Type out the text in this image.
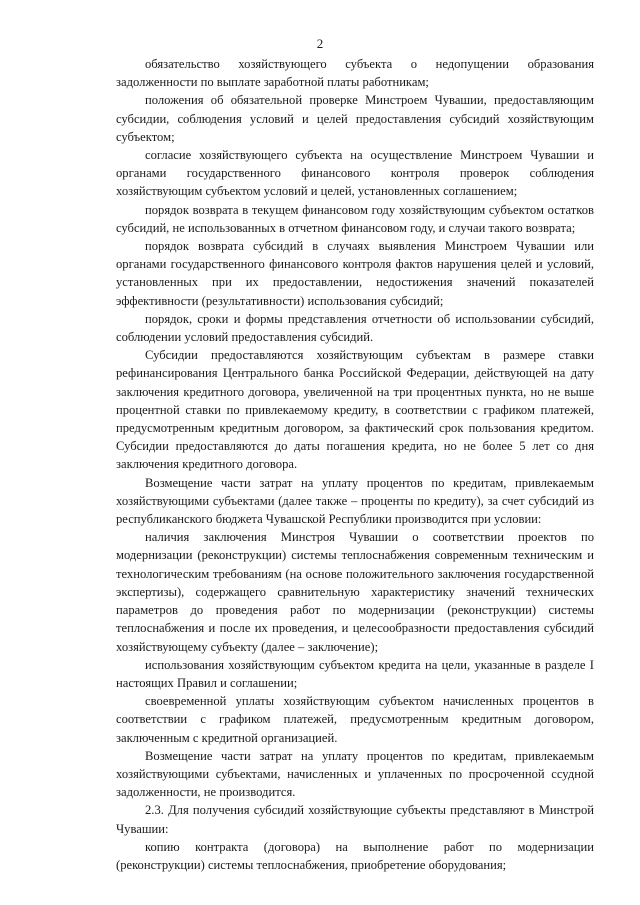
2

обязательство хозяйствующего субъекта о недопущении образования задолженности по выплате заработной платы работникам;

положения об обязательной проверке Минстроем Чувашии, предоставляющим субсидии, соблюдения условий и целей предоставления субсидий хозяйствующим субъектом;

согласие хозяйствующего субъекта на осуществление Минстроем Чувашии и органами государственного финансового контроля проверок соблюдения хозяйствующим субъектом условий и целей, установленных соглашением;

порядок возврата в текущем финансовом году хозяйствующим субъектом остатков субсидий, не использованных в отчетном финансовом году, и случаи такого возврата;

порядок возврата субсидий в случаях выявления Минстроем Чувашии или органами государственного финансового контроля фактов нарушения целей и условий, установленных при их предоставлении, недостижения значений показателей эффективности (результативности) использования субсидий;

порядок, сроки и формы представления отчетности об использовании субсидий, соблюдении условий предоставления субсидий.

Субсидии предоставляются хозяйствующим субъектам в размере ставки рефинансирования Центрального банка Российской Федерации, действующей на дату заключения кредитного договора, увеличенной на три процентных пункта, но не выше процентной ставки по привлекаемому кредиту, в соответствии с графиком платежей, предусмотренным кредитным договором, за фактический срок пользования кредитом. Субсидии предоставляются до даты погашения кредита, но не более 5 лет со дня заключения кредитного договора.

Возмещение части затрат на уплату процентов по кредитам, привлекаемым хозяйствующими субъектами (далее также – проценты по кредиту), за счет субсидий из республиканского бюджета Чувашской Республики производится при условии:

наличия заключения Минстроя Чувашии о соответствии проектов по модернизации (реконструкции) системы теплоснабжения современным техническим и технологическим требованиям (на основе положительного заключения государственной экспертизы), содержащего сравнительную характеристику значений технических параметров до проведения работ по модернизации (реконструкции) системы теплоснабжения и после их проведения, и целесообразности предоставления субсидий хозяйствующему субъекту (далее – заключение);

использования хозяйствующим субъектом кредита на цели, указанные в разделе I настоящих Правил и соглашении;

своевременной уплаты хозяйствующим субъектом начисленных процентов в соответствии с графиком платежей, предусмотренным кредитным договором, заключенным с кредитной организацией.

Возмещение части затрат на уплату процентов по кредитам, привлекаемым хозяйствующими субъектами, начисленных и уплаченных по просроченной ссудной задолженности, не производится.

2.3. Для получения субсидий хозяйствующие субъекты представляют в Минстрой Чувашии:

копию контракта (договора) на выполнение работ по модернизации (реконструкции) системы теплоснабжения, приобретение оборудования;
